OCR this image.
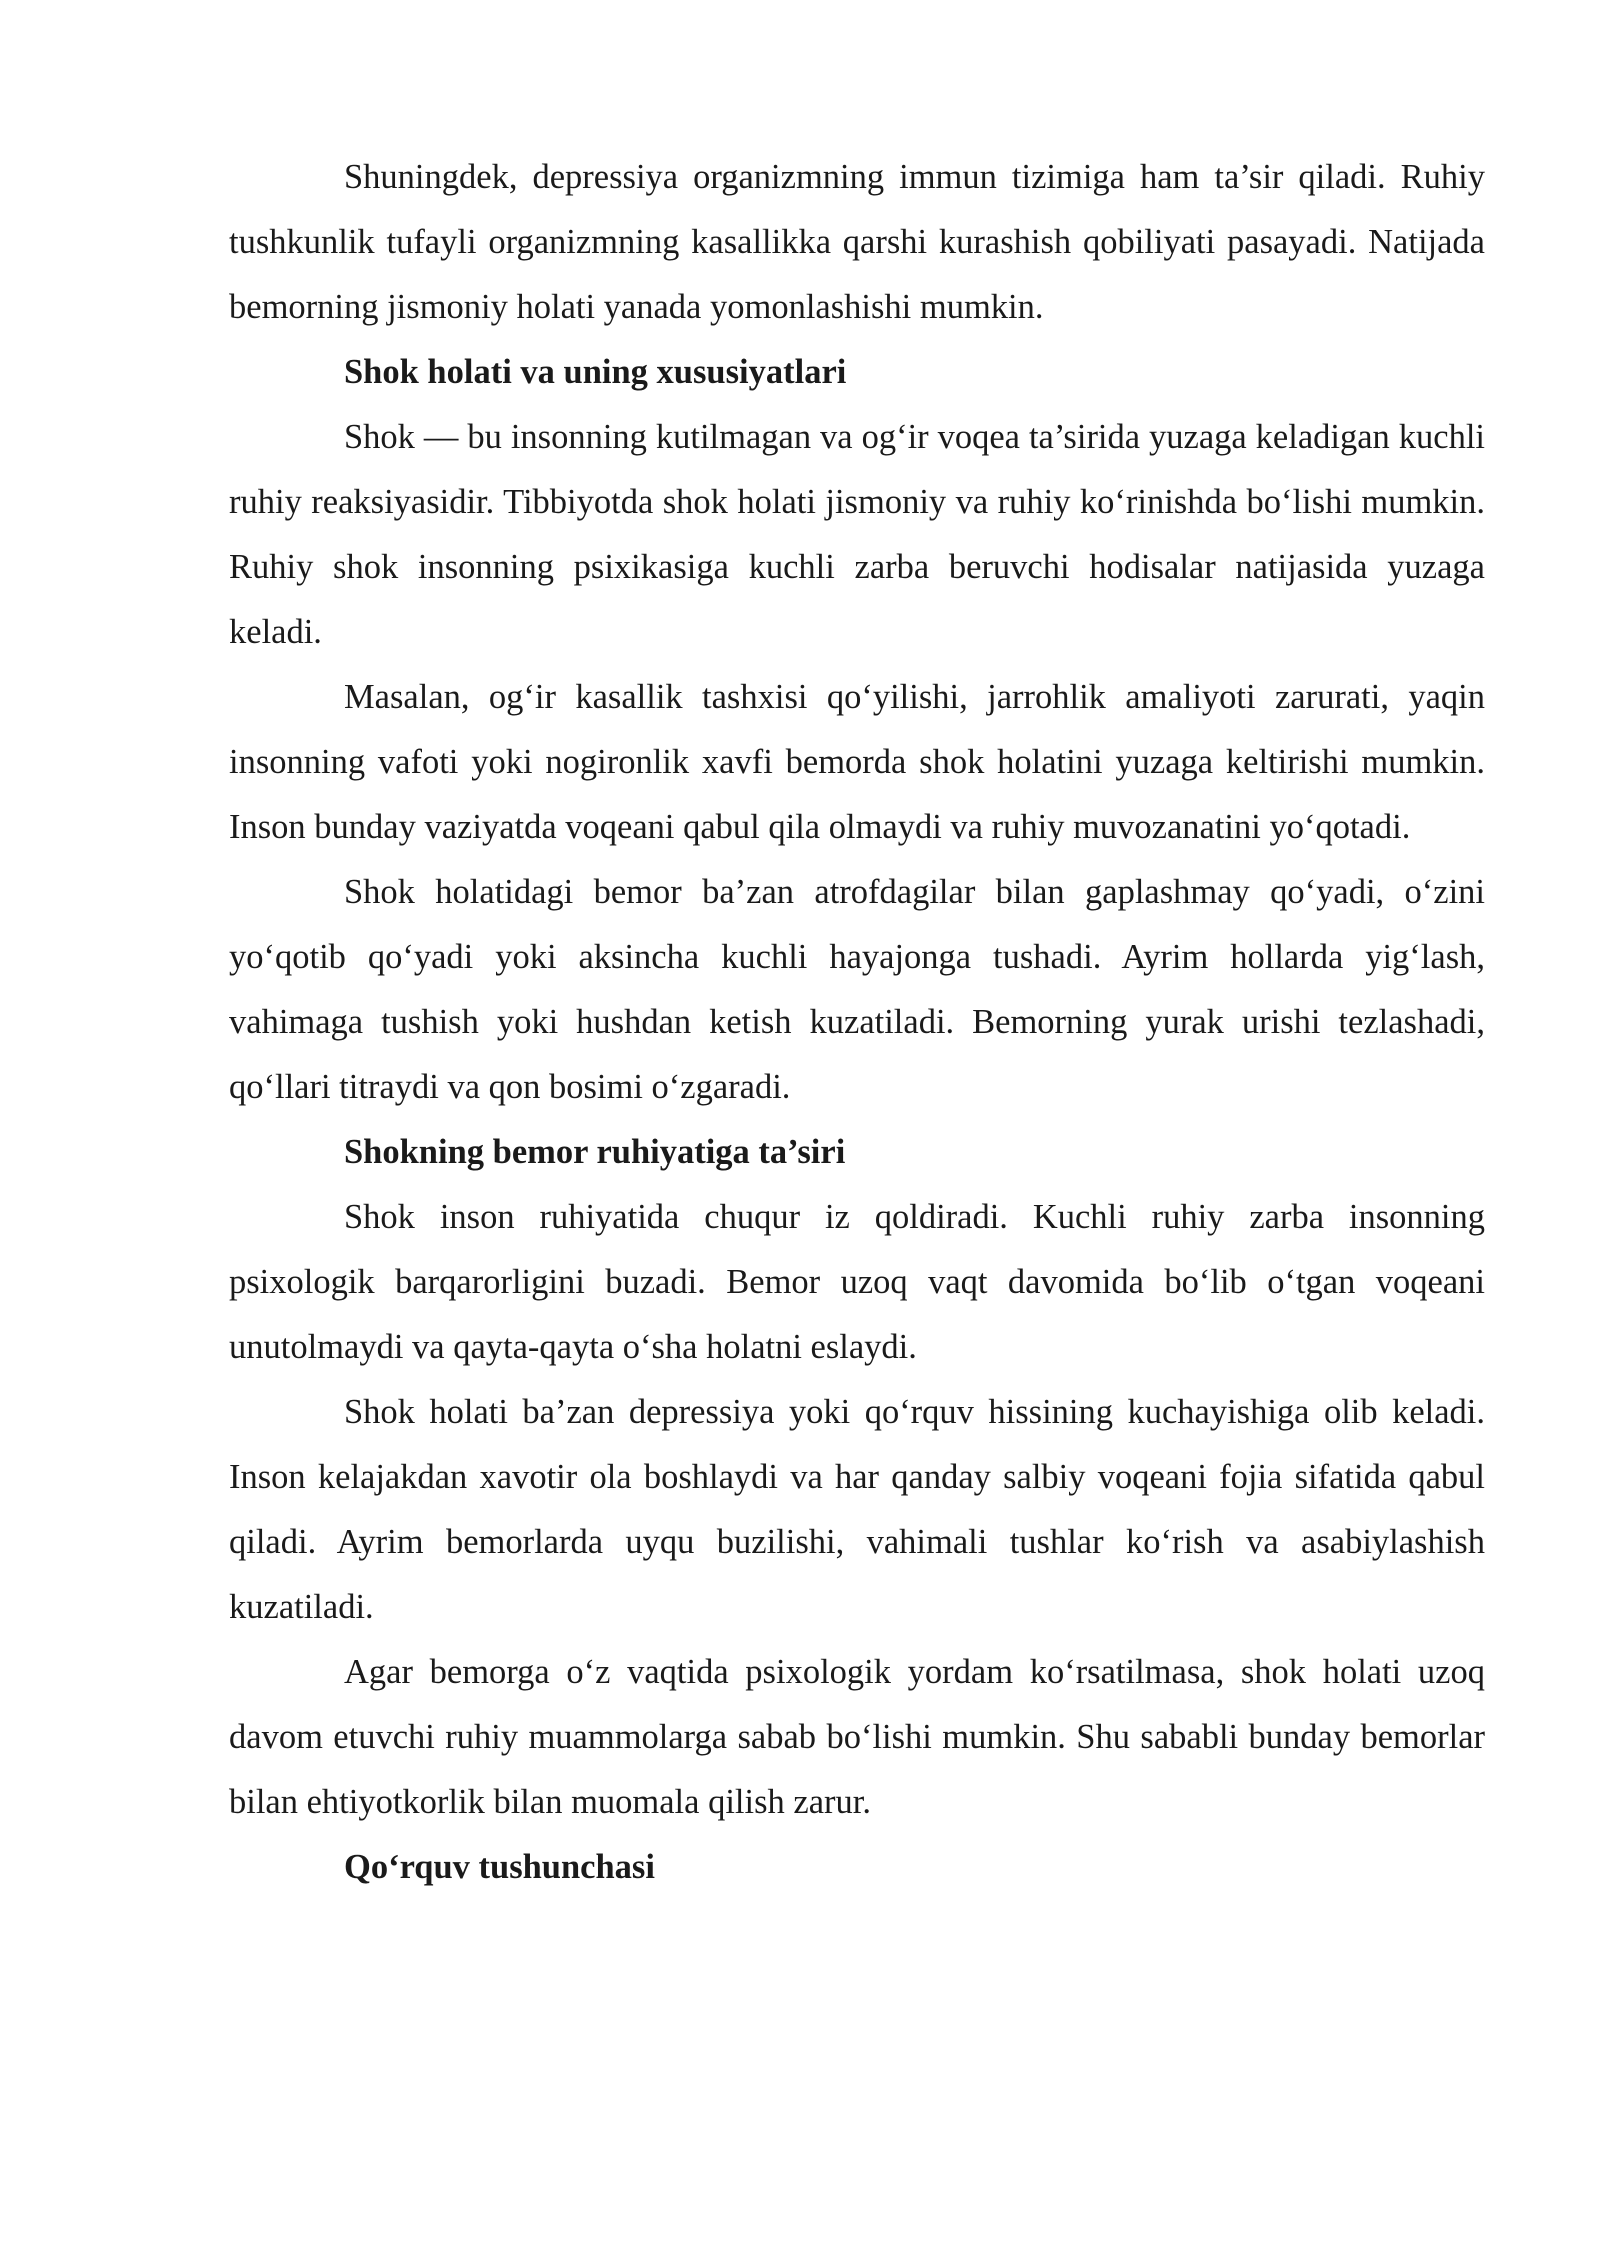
Shuningdek, depressiya organizmning immun tizimiga ham ta’sir qiladi. Ruhiy tushkunlik tufayli organizmning kasallikka qarshi kurashish qobiliyati pasayadi. Natijada bemorning jismoniy holati yanada yomonlashishi mumkin.

Shok holati va uning xususiyatlari

Shok — bu insonning kutilmagan va og‘ir voqea ta’sirida yuzaga keladigan kuchli ruhiy reaksiyasidir. Tibbiyotda shok holati jismoniy va ruhiy ko‘rinishda bo‘lishi mumkin. Ruhiy shok insonning psixikasiga kuchli zarba beruvchi hodisalar natijasida yuzaga keladi.

Masalan, og‘ir kasallik tashxisi qo‘yilishi, jarrohlik amaliyoti zarurati, yaqin insonning vafoti yoki nogironlik xavfi bemorda shok holatini yuzaga keltirishi mumkin. Inson bunday vaziyatda voqeani qabul qila olmaydi va ruhiy muvozanatini yo‘qotadi.

Shok holatidagi bemor ba’zan atrofdagilar bilan gaplashmay qo‘yadi, o‘zini yo‘qotib qo‘yadi yoki aksincha kuchli hayajonga tushadi. Ayrim hollarda yig‘lash, vahimaga tushish yoki hushdan ketish kuzatiladi. Bemorning yurak urishi tezlashadi, qo‘llari titraydi va qon bosimi o‘zgaradi.

Shokning bemor ruhiyatiga ta’siri

Shok inson ruhiyatida chuqur iz qoldiradi. Kuchli ruhiy zarba insonning psixologik barqarorligini buzadi. Bemor uzoq vaqt davomida bo‘lib o‘tgan voqeani unutolmaydi va qayta-qayta o‘sha holatni eslaydi.

Shok holati ba’zan depressiya yoki qo‘rquv hissining kuchayishiga olib keladi. Inson kelajakdan xavotir ola boshlaydi va har qanday salbiy voqeani fojia sifatida qabul qiladi. Ayrim bemorlarda uyqu buzilishi, vahimali tushlar ko‘rish va asabiylashish kuzatiladi.

Agar bemorga o‘z vaqtida psixologik yordam ko‘rsatilmasa, shok holati uzoq davom etuvchi ruhiy muammolarga sabab bo‘lishi mumkin. Shu sababli bunday bemorlar bilan ehtiyotkorlik bilan muomala qilish zarur.

Qo‘rquv tushunchasi
